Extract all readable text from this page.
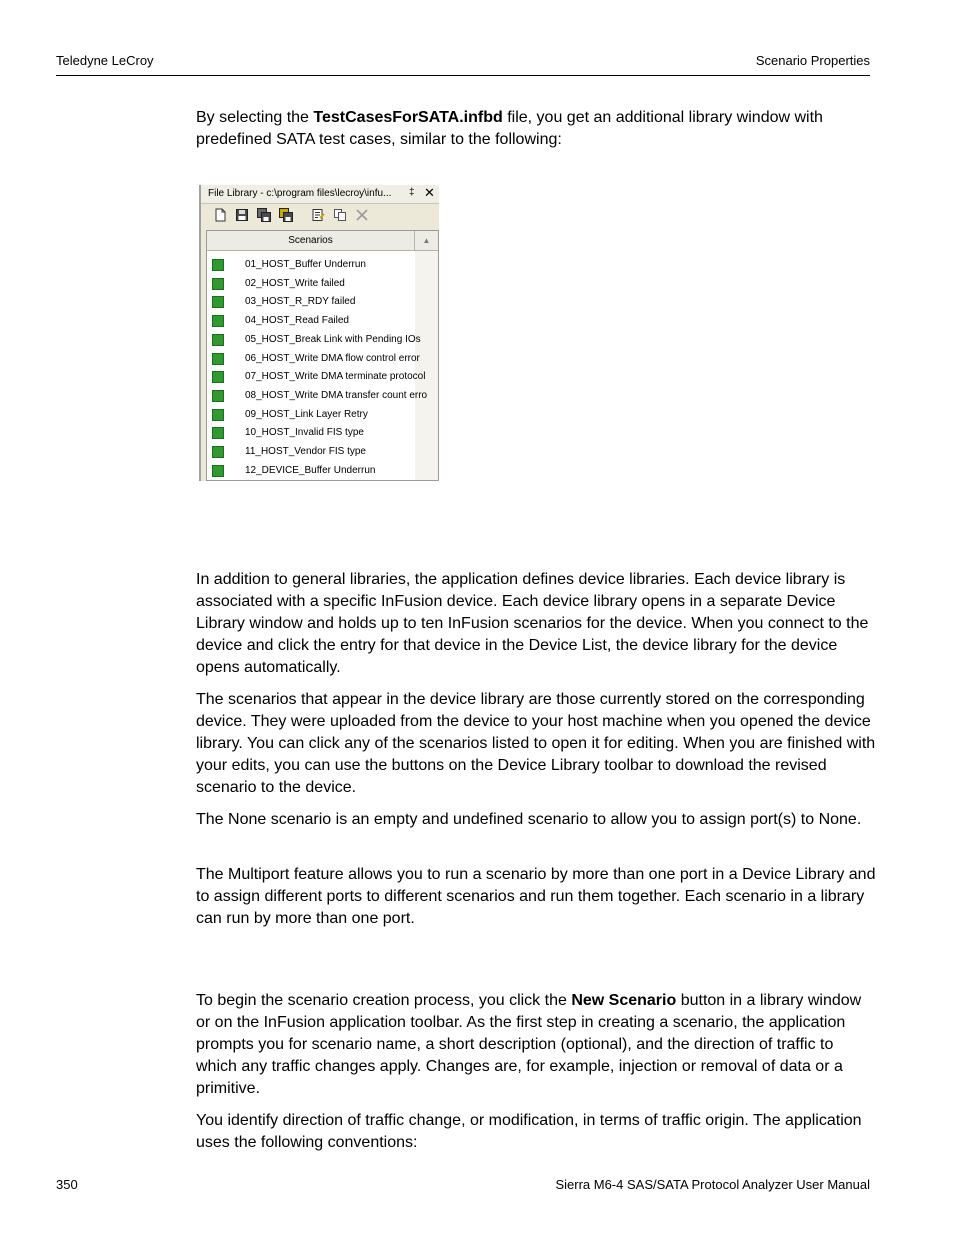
Teledyne LeCroy	Scenario Properties

By selecting the TestCasesForSATA.infbd file, you get an additional library window with predefined SATA test cases, similar to the following:

File Library - c:\program files\lecroy\infu... ‡ ✕
Scenarios	▲
01_HOST_Buffer Underrun
02_HOST_Write failed
03_HOST_R_RDY failed
04_HOST_Read Failed
05_HOST_Break Link with Pending IOs
06_HOST_Write DMA flow control error
07_HOST_Write DMA terminate protocol
08_HOST_Write DMA transfer count erro
09_HOST_Link Layer Retry
10_HOST_Invalid FIS type
11_HOST_Vendor FIS type
12_DEVICE_Buffer Underrun

In addition to general libraries, the application defines device libraries. Each device library is associated with a specific InFusion device. Each device library opens in a separate Device Library window and holds up to ten InFusion scenarios for the device. When you connect to the device and click the entry for that device in the Device List, the device library for the device opens automatically.

The scenarios that appear in the device library are those currently stored on the corresponding device. They were uploaded from the device to your host machine when you opened the device library. You can click any of the scenarios listed to open it for editing. When you are finished with your edits, you can use the buttons on the Device Library toolbar to download the revised scenario to the device.

The None scenario is an empty and undefined scenario to allow you to assign port(s) to None.

The Multiport feature allows you to run a scenario by more than one port in a Device Library and to assign different ports to different scenarios and run them together. Each scenario in a library can run by more than one port.

To begin the scenario creation process, you click the New Scenario button in a library window or on the InFusion application toolbar. As the first step in creating a scenario, the application prompts you for scenario name, a short description (optional), and the direction of traffic to which any traffic changes apply. Changes are, for example, injection or removal of data or a primitive.

You identify direction of traffic change, or modification, in terms of traffic origin. The application uses the following conventions:

350	Sierra M6-4 SAS/SATA Protocol Analyzer User Manual
